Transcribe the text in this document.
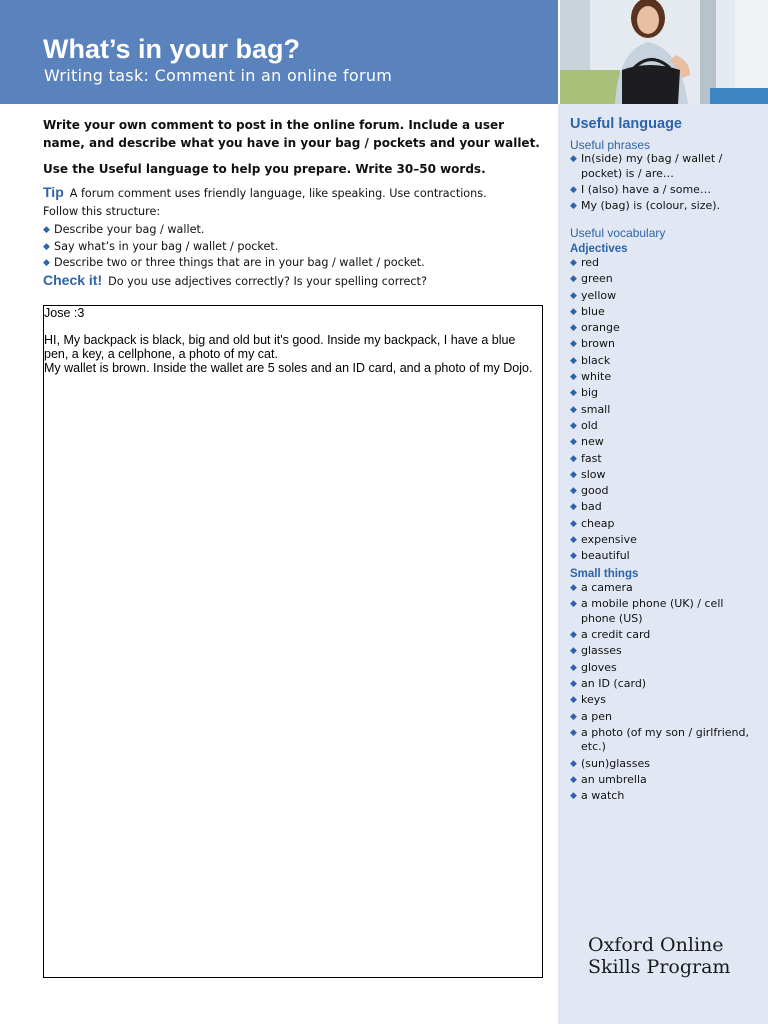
What’s in your bag?
Writing task: Comment in an online forum

Write your own comment to post in the online forum. Include a user name, and describe what you have in your bag / pockets and your wallet.

Use the Useful language to help you prepare. Write 30–50 words.

Tip A forum comment uses friendly language, like speaking. Use contractions.

Follow this structure:

◆ Describe your bag / wallet.
◆ Say what’s in your bag / wallet / pocket.
◆ Describe two or three things that are in your bag / wallet / pocket.

Check it! Do you use adjectives correctly? Is your spelling correct?

Jose :3

HI, My backpack is black, big and old but it's good. Inside my backpack, I have a blue pen, a key, a cellphone, a photo of my cat.

My wallet is brown. Inside the wallet are 5 soles and an ID card, and a photo of my Dojo.

Useful language
Useful phrases
◆ In(side) my (bag / wallet / pocket) is / are…
◆ I (also) have a / some…
◆ My (bag) is (colour, size).
Useful vocabulary
Adjectives
◆ red
◆ green
◆ yellow
◆ blue
◆ orange
◆ brown
◆ black
◆ white
◆ big
◆ small
◆ old
◆ new
◆ fast
◆ slow
◆ good
◆ bad
◆ cheap
◆ expensive
◆ beautiful
Small things
◆ a camera
◆ a mobile phone (UK) / cell phone (US)
◆ a credit card
◆ glasses
◆ gloves
◆ an ID (card)
◆ keys
◆ a pen
◆ a photo (of my son / girlfriend, etc.)
◆ (sun)glasses
◆ an umbrella
◆ a watch
Oxford Online
Skills Program
